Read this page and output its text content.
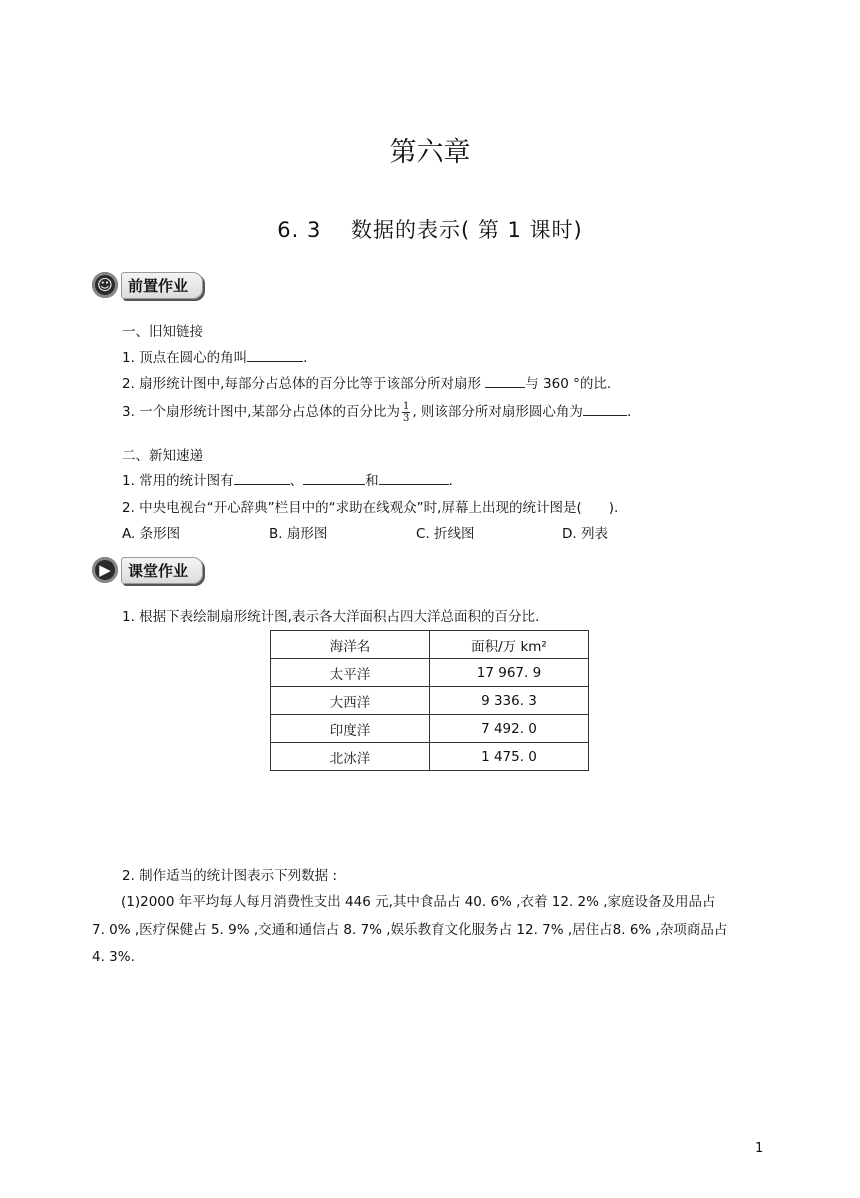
第六章
6. 3　 数据的表示( 第 1 课时)
☺	前置作业
一、旧知链接
1. 顶点在圆心的角叫	.
2. 扇形统计图中,每部分占总体的百分比等于该部分所对扇形	与 360 °的比.
3. 一个扇形统计图中,某部分占总体的百分比为 $\frac{1}{3}$ , 则该部分所对扇形圆心角为	.
二、新知速递
1. 常用的统计图有	、	和	.
2. 中央电视台“开心辞典”栏目中的“求助在线观众”时,屏幕上出现的统计图是(　　).
A. 条形图	B. 扇形图	C. 折线图	D. 列表
▶	课堂作业
1. 根据下表绘制扇形统计图,表示各大洋面积占四大洋总面积的百分比.
海洋名	面积/万 km²
太平洋	17 967. 9
大西洋	9 336. 3
印度洋	7 492. 0
北冰洋	1 475. 0
2. 制作适当的统计图表示下列数据 :
(1)2000 年平均每人每月消费性支出 446 元,其中食品占 40. 6% ,衣着 12. 2% ,家庭设备及用品占
7. 0% ,医疗保健占 5. 9% ,交通和通信占 8. 7% ,娱乐教育文化服务占 12. 7% ,居住占8. 6% ,杂项商品占
4. 3%.
1
